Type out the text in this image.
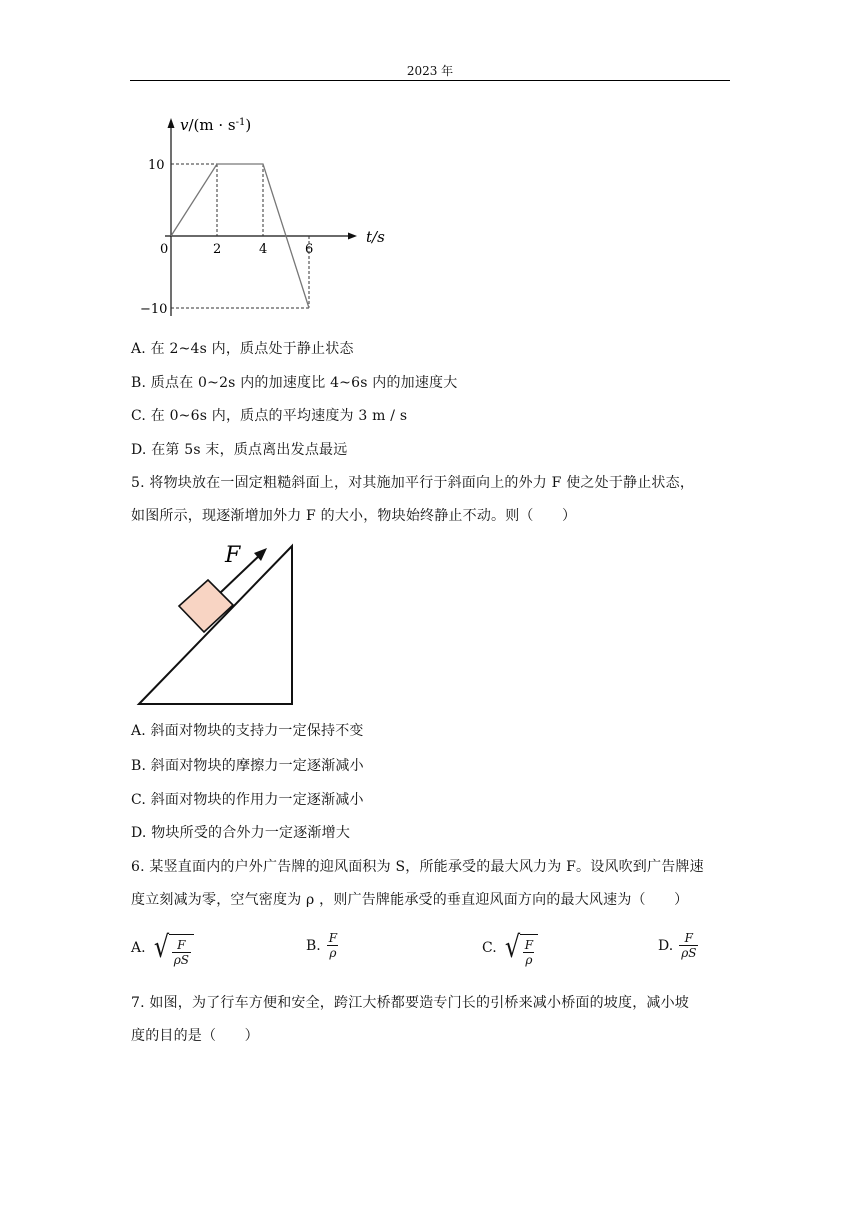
2023 年
$v/(m \cdot s^{-1})$
t/s
0	2	4	6
10
−10
A. 在 2~4s 内，质点处于静止状态
B. 质点在 0~2s 内的加速度比 4~6s 内的加速度大
C. 在 0~6s 内，质点的平均速度为 3 m / s
D. 在第 5s 末，质点离出发点最远
5. 将物块放在一固定粗糙斜面上，对其施加平行于斜面向上的外力 F 使之处于静止状态，
如图所示，现逐渐增加外力 F 的大小，物块始终静止不动。则（　　）
F
A. 斜面对物块的支持力一定保持不变
B. 斜面对物块的摩擦力一定逐渐减小
C. 斜面对物块的作用力一定逐渐减小
D. 物块所受的合外力一定逐渐增大
6. 某竖直面内的户外广告牌的迎风面积为 S，所能承受的最大风力为 F。设风吹到广告牌速
度立刻减为零，空气密度为 ρ ，则广告牌能承受的垂直迎风面方向的最大风速为（　　）
A. √ $\frac{F}{\rho S}$	B. $\frac{F}{\rho}$	C. √ $\frac{F}{\rho}$	D. $\frac{F}{\rho S}$
7. 如图，为了行车方便和安全，跨江大桥都要造专门长的引桥来减小桥面的坡度，减小坡
度的目的是（　　）
